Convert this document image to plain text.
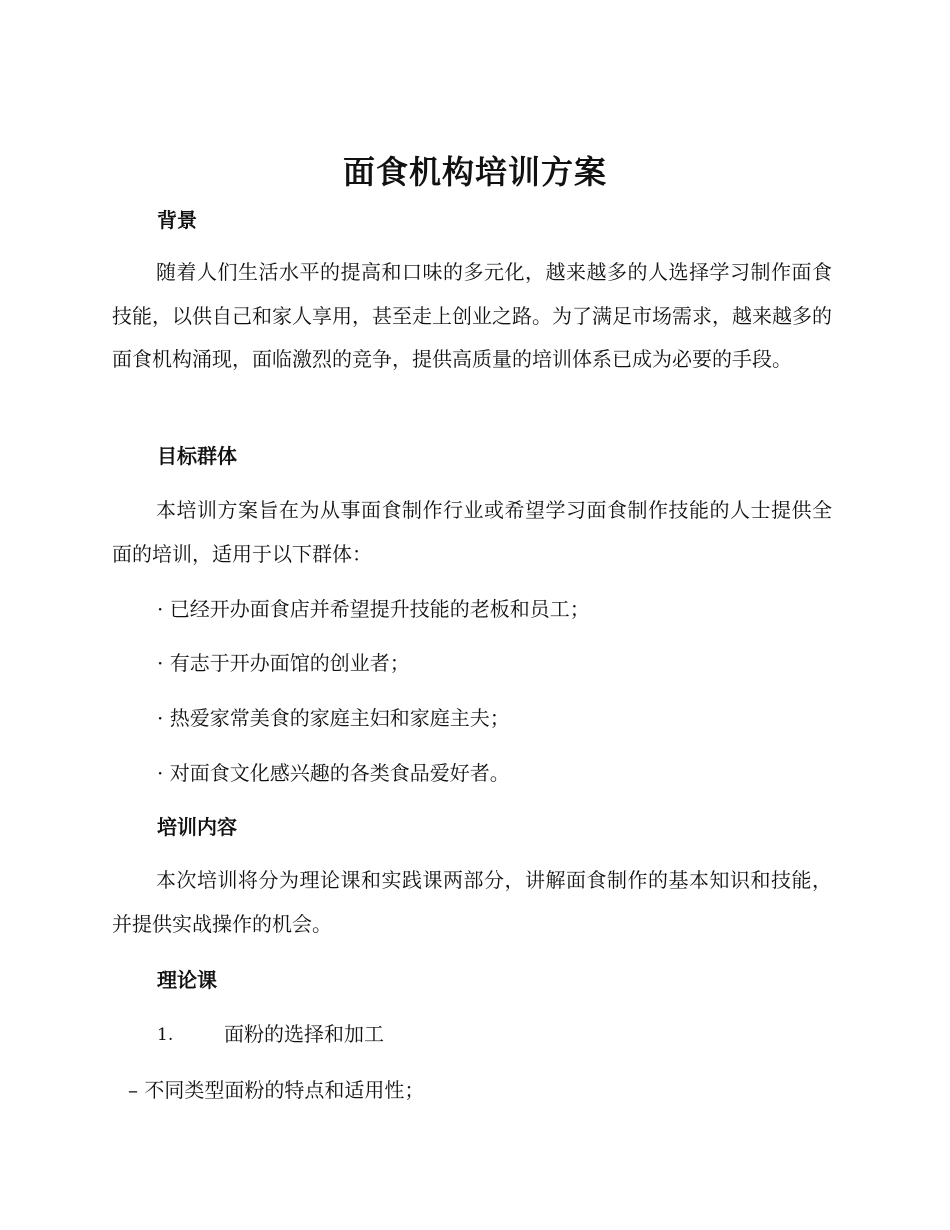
面食机构培训方案
背景

随着人们生活水平的提高和口味的多元化，越来越多的人选择学习制作面食技能，以供自己和家人享用，甚至走上创业之路。为了满足市场需求，越来越多的面食机构涌现，面临激烈的竞争，提供高质量的培训体系已成为必要的手段。

目标群体

本培训方案旨在为从事面食制作行业或希望学习面食制作技能的人士提供全面的培训，适用于以下群体：

· 已经开办面食店并希望提升技能的老板和员工；
· 有志于开办面馆的创业者；
· 热爱家常美食的家庭主妇和家庭主夫；
· 对面食文化感兴趣的各类食品爱好者。
培训内容

本次培训将分为理论课和实践课两部分，讲解面食制作的基本知识和技能，并提供实战操作的机会。

理论课
1.	面粉的选择和加工
– 不同类型面粉的特点和适用性；
